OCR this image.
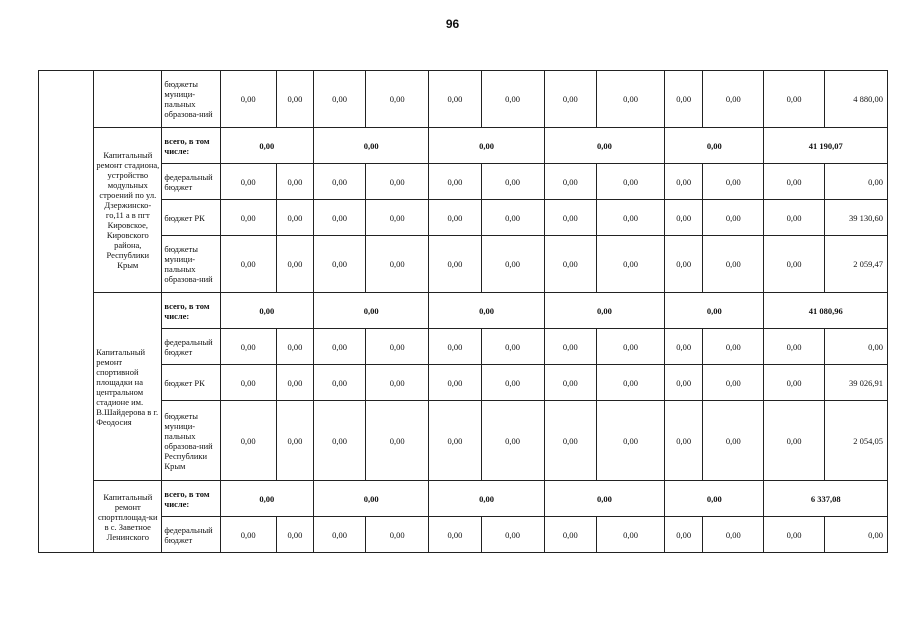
96
		бюджеты муници-пальных образова-ний	0,00	0,00	0,00	0,00	0,00	0,00	0,00	0,00	0,00	0,00	0,00	4 880,00
	Капитальный ремонт стадиона, устройство модульных строений по ул. Дзержинско-го,11 а в пгт Кировское, Кировского района, Республики Крым	всего, в том числе:	0,00		0,00		0,00		0,00		0,00		41 190,07	
		федеральный бюджет	0,00	0,00	0,00	0,00	0,00	0,00	0,00	0,00	0,00	0,00	0,00	0,00
		бюджет РК	0,00	0,00	0,00	0,00	0,00	0,00	0,00	0,00	0,00	0,00	0,00	39 130,60
		бюджеты муници-пальных образова-ний	0,00	0,00	0,00	0,00	0,00	0,00	0,00	0,00	0,00	0,00	0,00	2 059,47
	Капитальный ремонт спортивной площадки на центральном стадионе им. В.Шайдерова в г. Феодосия	всего, в том числе:	0,00		0,00		0,00		0,00		0,00		41 080,96	
		федеральный бюджет	0,00	0,00	0,00	0,00	0,00	0,00	0,00	0,00	0,00	0,00	0,00	0,00
		бюджет РК	0,00	0,00	0,00	0,00	0,00	0,00	0,00	0,00	0,00	0,00	0,00	39 026,91
		бюджеты муници-пальных образова-ний Республики Крым	0,00	0,00	0,00	0,00	0,00	0,00	0,00	0,00	0,00	0,00	0,00	2 054,05
	Капитальный ремонт спортплощад-ки в с. Заветное Ленинского	всего, в том числе:	0,00		0,00		0,00		0,00		0,00		6 337,08	
		федеральный бюджет	0,00	0,00	0,00	0,00	0,00	0,00	0,00	0,00	0,00	0,00	0,00	0,00
